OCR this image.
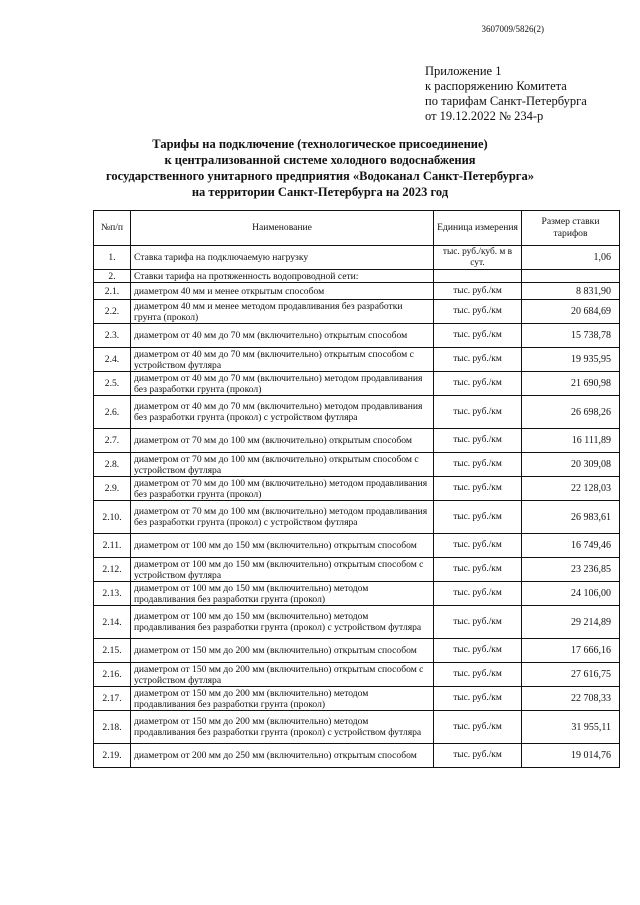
3607009/5826(2)
Приложение 1
к распоряжению Комитета
по тарифам Санкт-Петербурга
от 19.12.2022 № 234-р
Тарифы на подключение (технологическое присоединение)
к централизованной системе холодного водоснабжения
государственного унитарного предприятия «Водоканал Санкт-Петербурга»
на территории Санкт-Петербурга на 2023 год
№п/п	Наименование	Единица измерения	Размер ставки тарифов
1.	Ставка тарифа на подключаемую нагрузку	тыс. руб./куб. м в сут.	1,06
2.	Ставки тарифа на протяженность водопроводной сети:		
2.1.	диаметром 40 мм и менее открытым способом	тыс. руб./км	8 831,90
2.2.	диаметром 40 мм и менее методом продавливания без разработки грунта (прокол)	тыс. руб./км	20 684,69
2.3.	диаметром от 40 мм до 70 мм (включительно) открытым способом	тыс. руб./км	15 738,78
2.4.	диаметром от 40 мм до 70 мм (включительно) открытым способом с устройством футляра	тыс. руб./км	19 935,95
2.5.	диаметром от 40 мм до 70 мм (включительно) методом продавливания без разработки грунта (прокол)	тыс. руб./км	21 690,98
2.6.	диаметром от 40 мм до 70 мм (включительно) методом продавливания без разработки грунта (прокол) с устройством футляра	тыс. руб./км	26 698,26
2.7.	диаметром от 70 мм до 100 мм (включительно) открытым способом	тыс. руб./км	16 111,89
2.8.	диаметром от 70 мм до 100 мм (включительно) открытым способом с устройством футляра	тыс. руб./км	20 309,08
2.9.	диаметром от 70 мм до 100 мм (включительно) методом продавливания без разработки грунта (прокол)	тыс. руб./км	22 128,03
2.10.	диаметром от 70 мм до 100 мм (включительно) методом продавливания без разработки грунта (прокол) с устройством футляра	тыс. руб./км	26 983,61
2.11.	диаметром от 100 мм до 150 мм (включительно) открытым способом	тыс. руб./км	16 749,46
2.12.	диаметром от 100 мм до 150 мм (включительно) открытым способом с устройством футляра	тыс. руб./км	23 236,85
2.13.	диаметром от 100 мм до 150 мм (включительно) методом продавливания без разработки грунта (прокол)	тыс. руб./км	24 106,00
2.14.	диаметром от 100 мм до 150 мм (включительно) методом продавливания без разработки грунта (прокол) с устройством футляра	тыс. руб./км	29 214,89
2.15.	диаметром от 150 мм до 200 мм (включительно) открытым способом	тыс. руб./км	17 666,16
2.16.	диаметром от 150 мм до 200 мм (включительно) открытым способом с устройством футляра	тыс. руб./км	27 616,75
2.17.	диаметром от 150 мм до 200 мм (включительно) методом продавливания без разработки грунта (прокол)	тыс. руб./км	22 708,33
2.18.	диаметром от 150 мм до 200 мм (включительно) методом продавливания без разработки грунта (прокол) с устройством футляра	тыс. руб./км	31 955,11
2.19.	диаметром от 200 мм до 250 мм (включительно) открытым способом	тыс. руб./км	19 014,76
